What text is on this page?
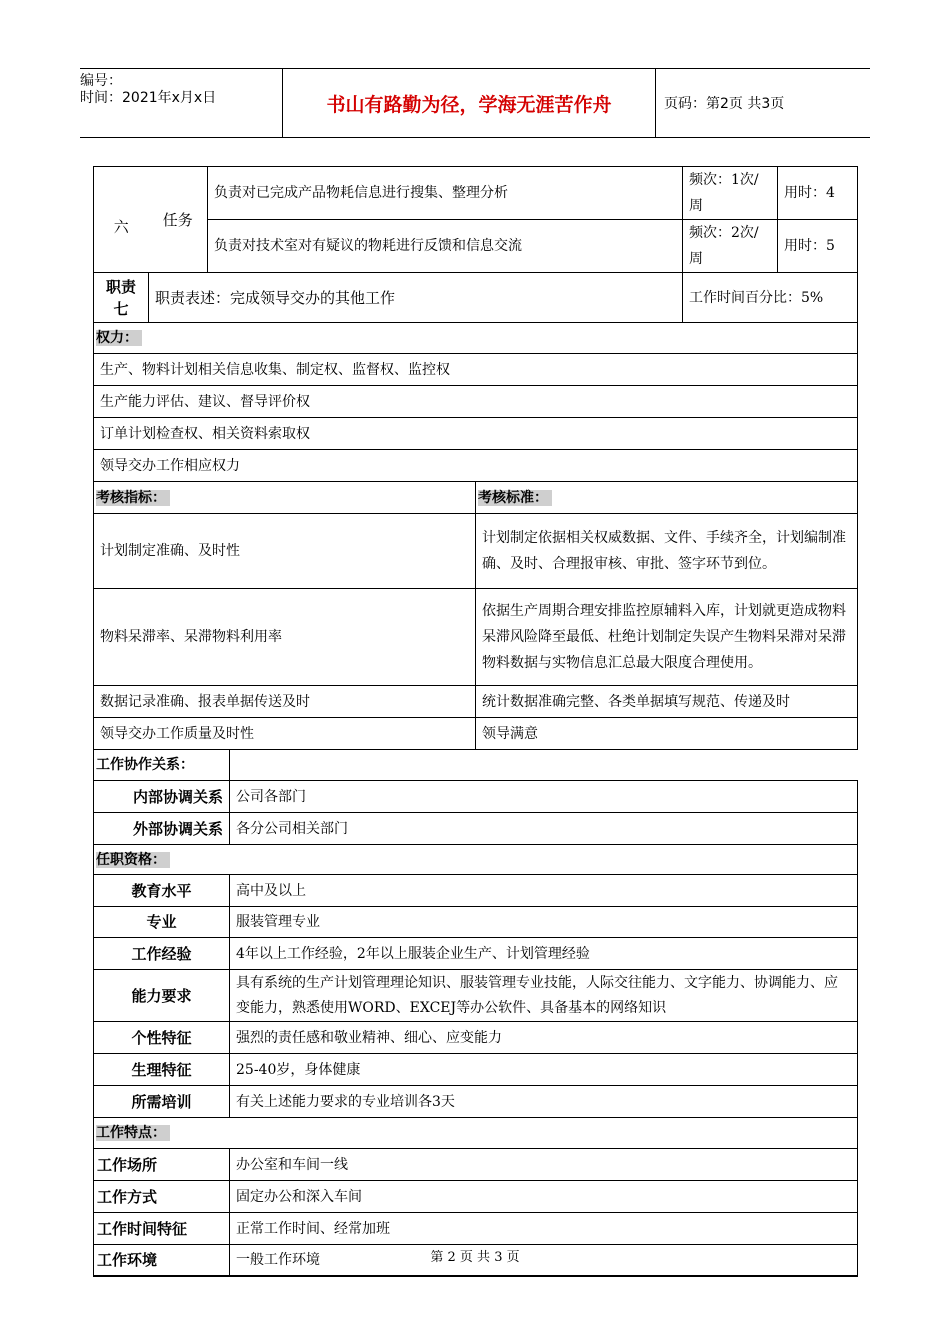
编号：
时间：2021年x月x日	书山有路勤为径，学海无涯苦作舟	页码：第2页 共3页
六	任务	负责对已完成产品物耗信息进行搜集、整理分析			频次：1次/周	用时：4
		负责对技术室对有疑议的物耗进行反馈和信息交流			频次：2次/周	用时：5

职责
七	职责表述：完成领导交办的其他工作				工作时间百分比：5%	
权力：						
生产、物料计划相关信息收集、制定权、监督权、监控权						
生产能力评估、建议、督导评价权						
订单计划检查权、相关资料索取权						
领导交办工作相应权力						
考核指标：				考核标准：		
计划制定准确、及时性				计划制定依据相关权威数据、文件、手续齐全，计划编制准确、及时、合理报审核、审批、签字环节到位。		
物料呆滞率、呆滞物料利用率				依据生产周期合理安排监控原辅料入库，计划就更造成物料呆滞风险降至最低、杜绝计划制定失误产生物料呆滞对呆滞物料数据与实物信息汇总最大限度合理使用。		
数据记录准确、报表单据传送及时				统计数据准确完整、各类单据填写规范、传递及时		
领导交办工作质量及时性				领导满意		
工作协作关系：						
内部协调关系			公司各部门			
外部协调关系			各分公司相关部门			
任职资格：						
教育水平			高中及以上			
专业			服装管理专业			
工作经验			4年以上工作经验，2年以上服装企业生产、计划管理经验			
能力要求			具有系统的生产计划管理理论知识、服装管理专业技能，人际交往能力、文字能力、协调能力、应变能力，熟悉使用WORD、EXCEJ等办公软件、具备基本的网络知识			
个性特征			强烈的责任感和敬业精神、细心、应变能力			
生理特征			25-40岁，身体健康			
所需培训			有关上述能力要求的专业培训各3天			
工作特点：						
工作场所			办公室和车间一线			
工作方式			固定办公和深入车间			
工作时间特征			正常工作时间、经常加班			
工作环境			一般工作环境				第 2 页 共 3 页
